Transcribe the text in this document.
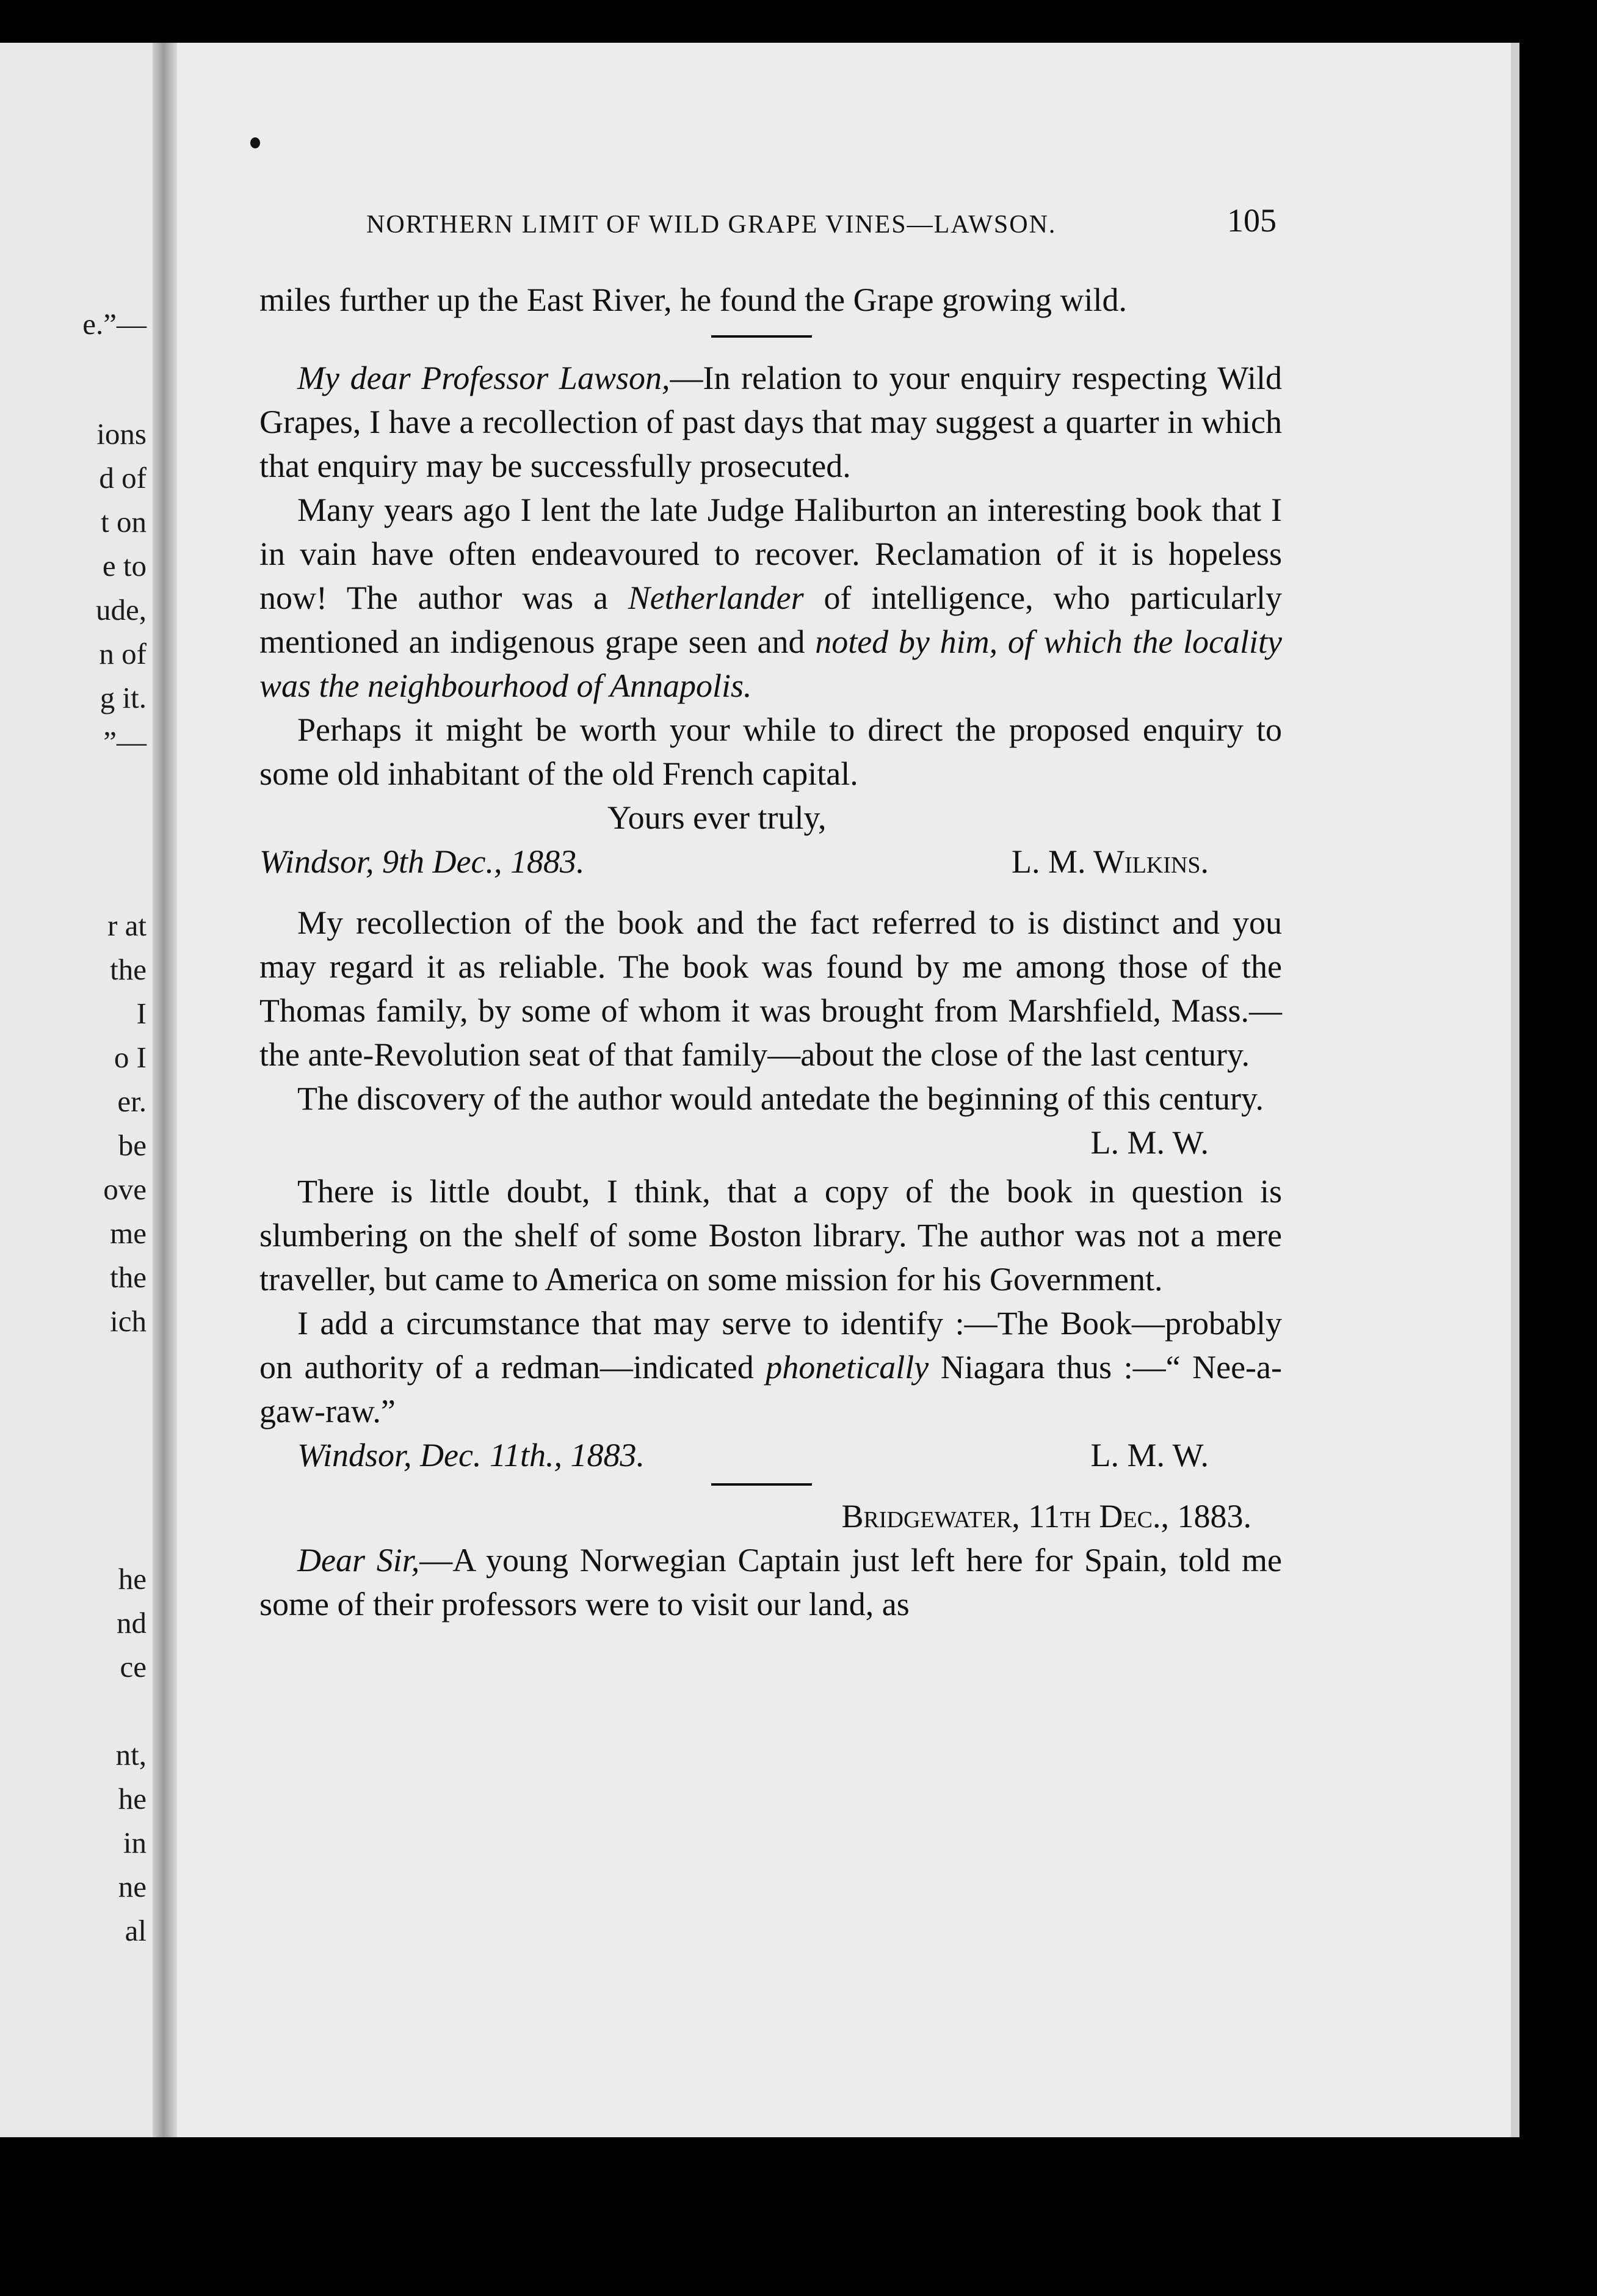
e.”—
ions
d of
t on
e to
ude,
n of
g it.
”—
r at
the
I
o I
er.
be
ove
me
the
ich
he
nd
ce
nt,
he
in
ne
al
NORTHERN LIMIT OF WILD GRAPE VINES—LAWSON.	105

miles further up the East River, he found the Grape growing wild.

My dear Professor Lawson,—In relation to your enquiry respecting Wild Grapes, I have a recollection of past days that may suggest a quarter in which that enquiry may be successfully prosecuted.

Many years ago I lent the late Judge Haliburton an interesting book that I in vain have often endeavoured to recover. Reclamation of it is hopeless now! The author was a Netherlander of intelligence, who particularly mentioned an indigenous grape seen and noted by him, of which the locality was the neighbourhood of Annapolis.

Perhaps it might be worth your while to direct the proposed enquiry to some old inhabitant of the old French capital.

Yours ever truly,

Windsor, 9th Dec., 1883.	L. M. Wilkins.

My recollection of the book and the fact referred to is distinct and you may regard it as reliable. The book was found by me among those of the Thomas family, by some of whom it was brought from Marshfield, Mass.—the ante-Revolution seat of that family—about the close of the last century.

The discovery of the author would antedate the beginning of this century.

L. M. W.

There is little doubt, I think, that a copy of the book in question is slumbering on the shelf of some Boston library. The author was not a mere traveller, but came to America on some mission for his Government.

I add a circumstance that may serve to identify :—The Book—probably on authority of a redman—indicated phonetically Niagara thus :—“ Nee-a-gaw-raw.”

Windsor, Dec. 11th., 1883.	L. M. W.

Bridgewater, 11th Dec., 1883.

Dear Sir,—A young Norwegian Captain just left here for Spain, told me some of their professors were to visit our land, as
